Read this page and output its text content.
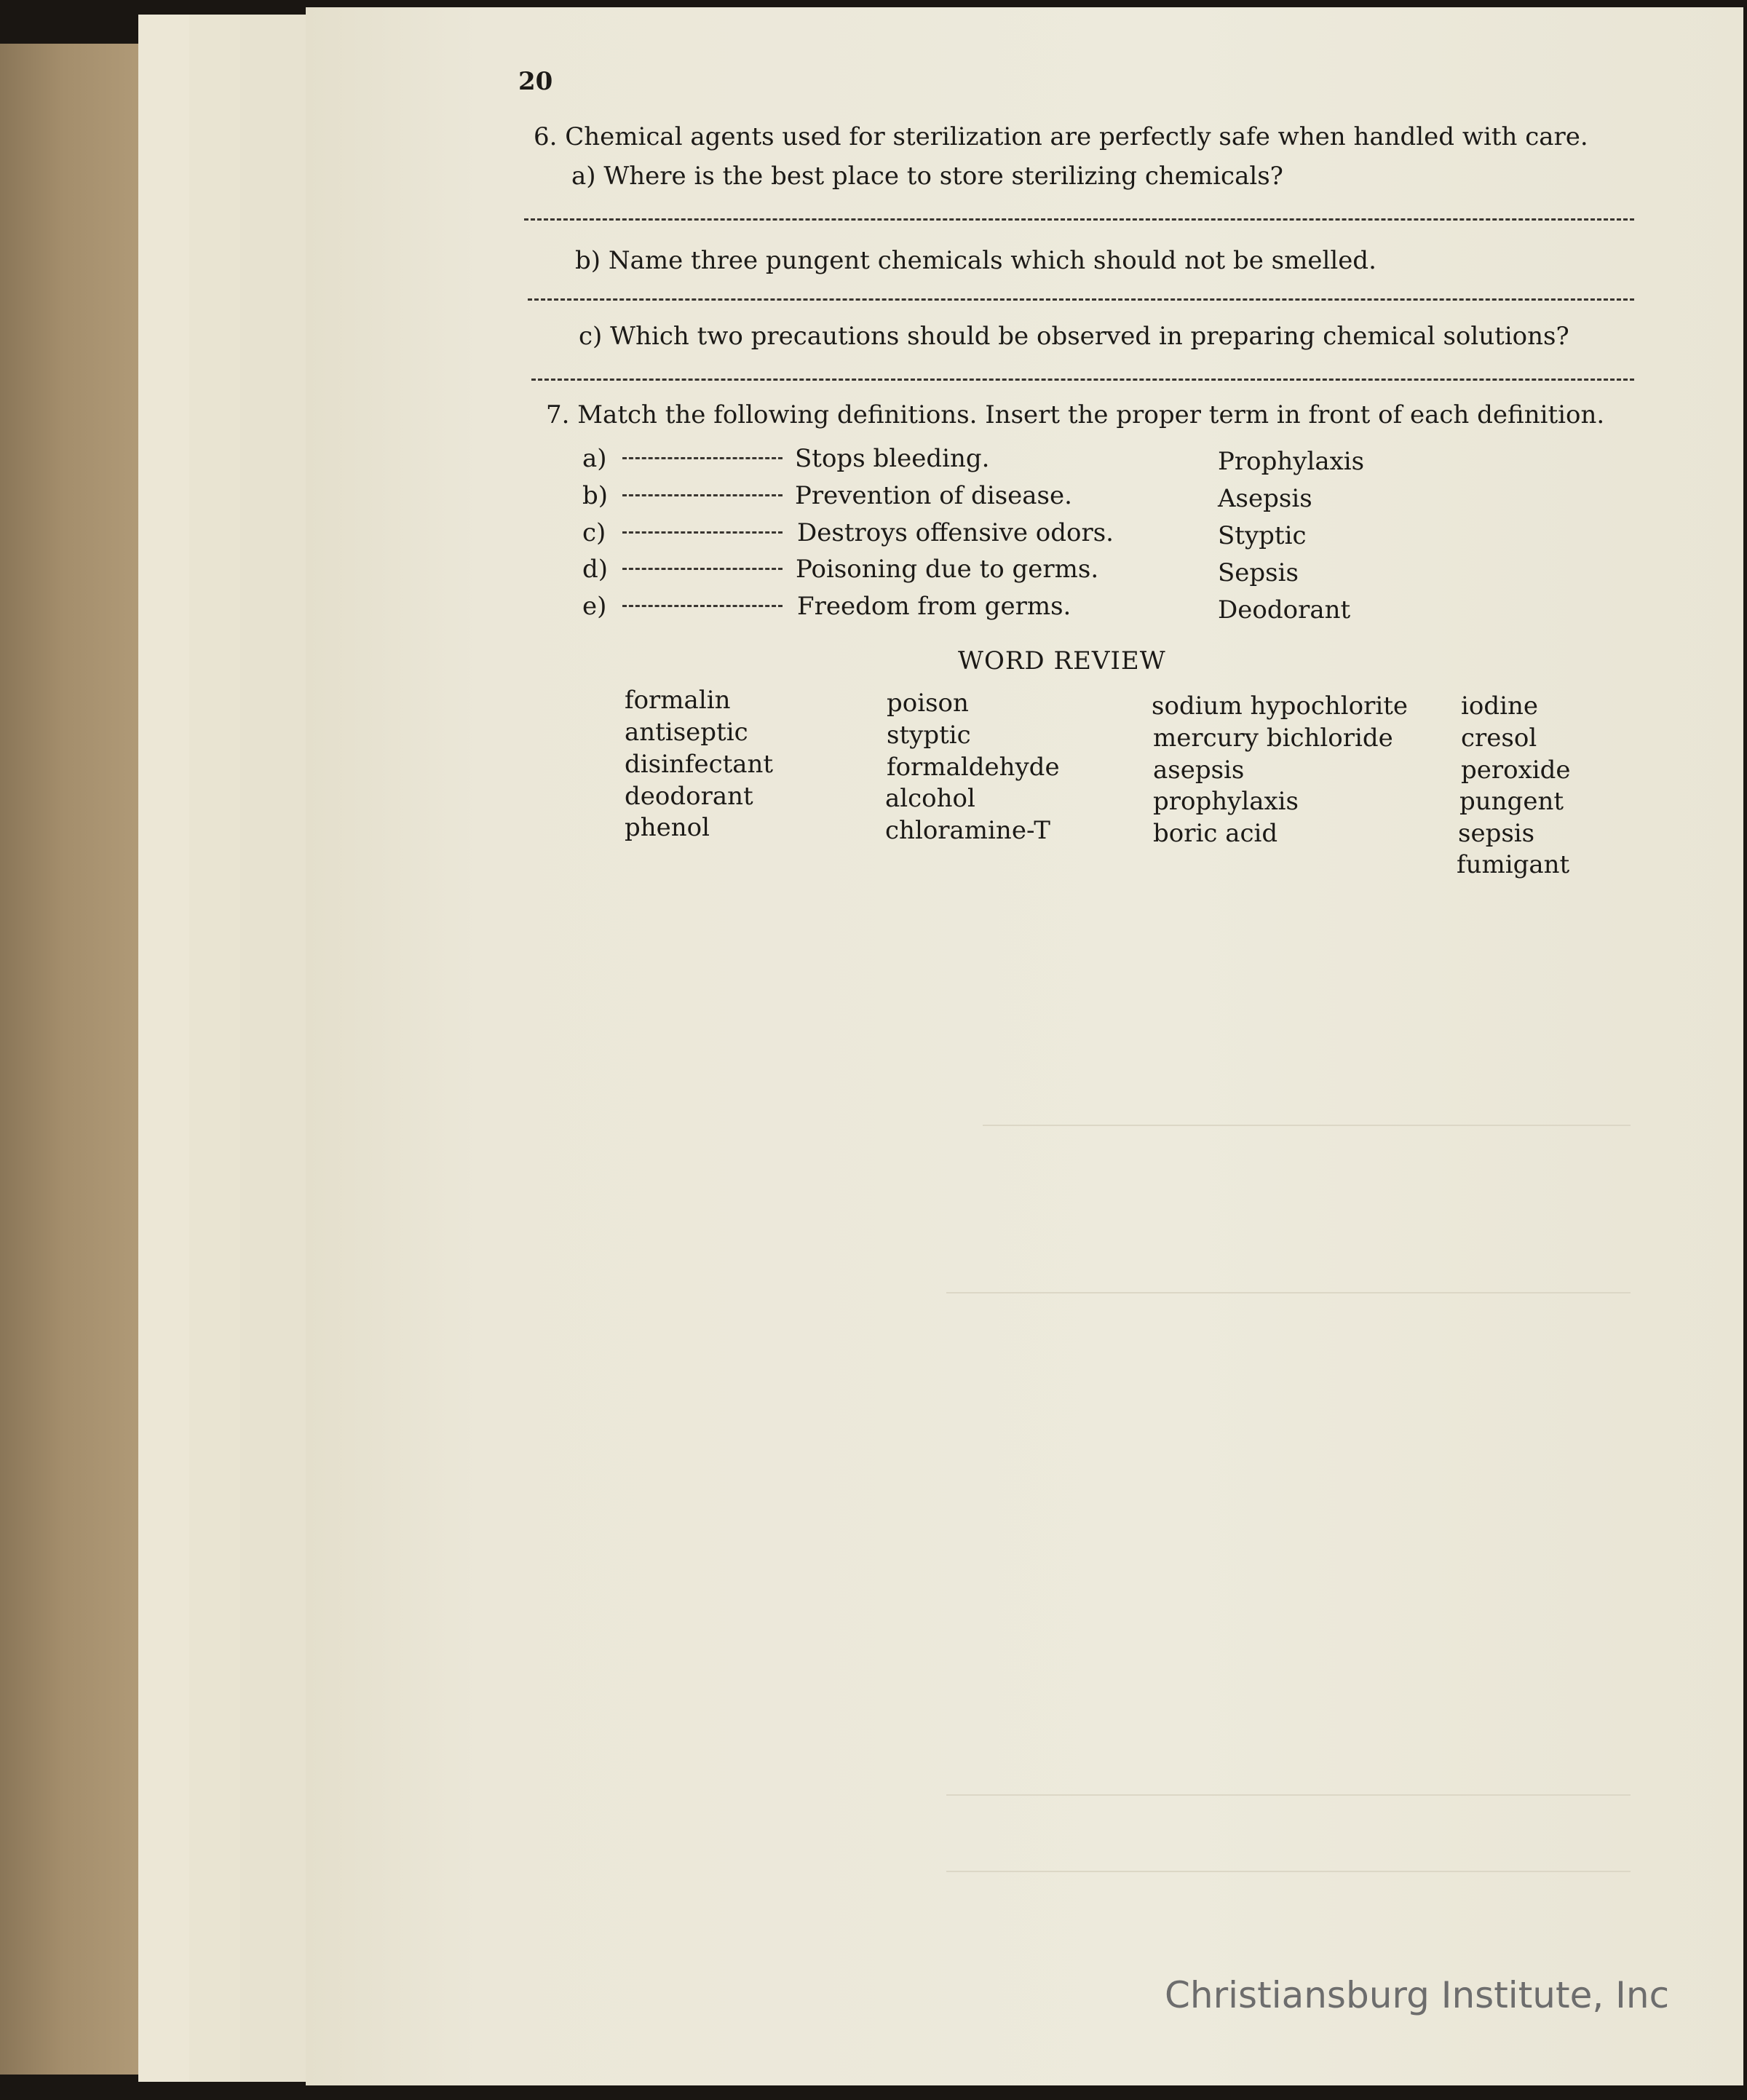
20
6. Chemical agents used for sterilization are perfectly safe when handled with care.
a) Where is the best place to store sterilizing chemicals?
b) Name three pungent chemicals which should not be smelled.
c) Which two precautions should be observed in preparing chemical solutions?
7. Match the following definitions. Insert the proper term in front of each definition.
a)	Stops bleeding.	Prophylaxis
b)	Prevention of disease.	Asepsis
c)	Destroys offensive odors.	Styptic
d)	Poisoning due to germs.	Sepsis
e)	Freedom from germs.	Deodorant
WORD REVIEW
formalin
antiseptic
disinfectant
deodorant
phenol
poison
styptic
formaldehyde
alcohol
chloramine-T
sodium hypochlorite
mercury bichloride
asepsis
prophylaxis
boric acid
iodine
cresol
peroxide
pungent
sepsis
fumigant
Christiansburg Institute, Inc
